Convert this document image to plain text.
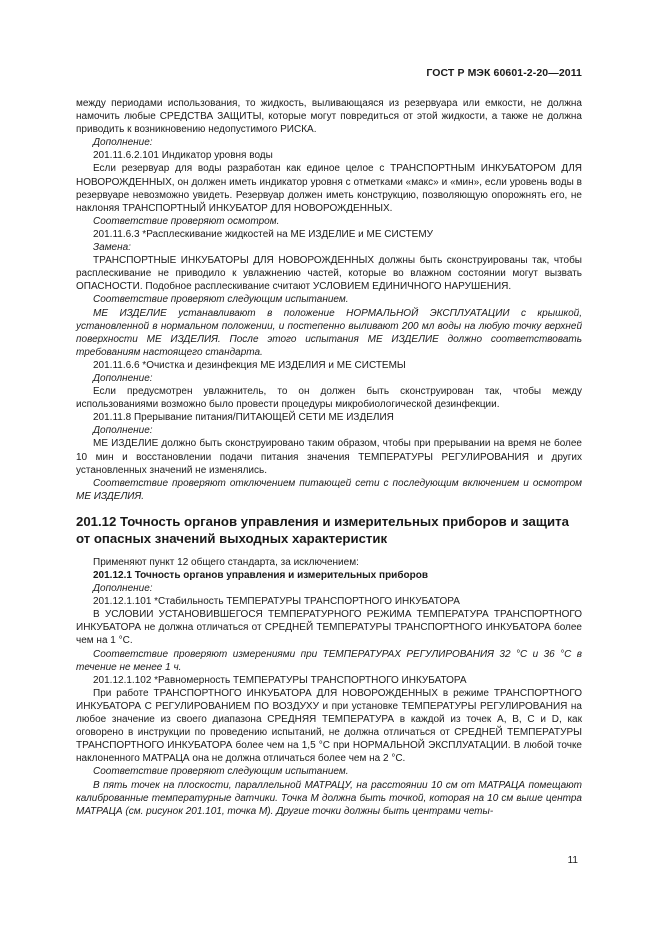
ГОСТ Р МЭК 60601-2-20—2011

между периодами использования, то жидкость, выливающаяся из резервуара или емкости, не должна намочить любые СРЕДСТВА ЗАЩИТЫ, которые могут повредиться от этой жидкости, а также не должна приводить к возникновению недопустимого РИСКА.

Дополнение:

201.11.6.2.101 Индикатор уровня воды

Если резервуар для воды разработан как единое целое с ТРАНСПОРТНЫМ ИНКУБАТОРОМ ДЛЯ НОВОРОЖДЕННЫХ, он должен иметь индикатор уровня с отметками «макс» и «мин», если уровень воды в резервуаре невозможно увидеть. Резервуар должен иметь конструкцию, позволяющую опорожнять его, не наклоняя ТРАНСПОРТНЫЙ ИНКУБАТОР ДЛЯ НОВОРОЖДЕННЫХ.

Соответствие проверяют осмотром.

201.11.6.3 *Расплескивание жидкостей на МЕ ИЗДЕЛИЕ и МЕ СИСТЕМУ

Замена:

ТРАНСПОРТНЫЕ ИНКУБАТОРЫ ДЛЯ НОВОРОЖДЕННЫХ должны быть сконструированы так, чтобы расплескивание не приводило к увлажнению частей, которые во влажном состоянии могут вызвать ОПАСНОСТИ. Подобное расплескивание считают УСЛОВИЕМ ЕДИНИЧНОГО НАРУШЕНИЯ.

Соответствие проверяют следующим испытанием.

МЕ ИЗДЕЛИЕ устанавливают в положение НОРМАЛЬНОЙ ЭКСПЛУАТАЦИИ с крышкой, установленной в нормальном положении, и постепенно выливают 200 мл воды на любую точку верхней поверхности МЕ ИЗДЕЛИЯ. После этого испытания МЕ ИЗДЕЛИЕ должно соответствовать требованиям настоящего стандарта.

201.11.6.6 *Очистка и дезинфекция МЕ ИЗДЕЛИЯ и МЕ СИСТЕМЫ

Дополнение:

Если предусмотрен увлажнитель, то он должен быть сконструирован так, чтобы между использованиями возможно было провести процедуры микробиологической дезинфекции.

201.11.8 Прерывание питания/ПИТАЮЩЕЙ СЕТИ МЕ ИЗДЕЛИЯ

Дополнение:

МЕ ИЗДЕЛИЕ должно быть сконструировано таким образом, чтобы при прерывании на время не более 10 мин и восстановлении подачи питания значения ТЕМПЕРАТУРЫ РЕГУЛИРОВАНИЯ и других установленных значений не изменялись.

Соответствие проверяют отключением питающей сети с последующим включением и осмотром МЕ ИЗДЕЛИЯ.

201.12 Точность органов управления и измерительных приборов и защита от опасных значений выходных характеристик

Применяют пункт 12 общего стандарта, за исключением:

201.12.1 Точность органов управления и измерительных приборов

Дополнение:

201.12.1.101 *Стабильность ТЕМПЕРАТУРЫ ТРАНСПОРТНОГО ИНКУБАТОРА

В УСЛОВИИ УСТАНОВИВШЕГОСЯ ТЕМПЕРАТУРНОГО РЕЖИМА ТЕМПЕРАТУРА ТРАНСПОРТНОГО ИНКУБАТОРА не должна отличаться от СРЕДНЕЙ ТЕМПЕРАТУРЫ ТРАНСПОРТНОГО ИНКУБАТОРА более чем на 1 °С.

Соответствие проверяют измерениями при ТЕМПЕРАТУРАХ РЕГУЛИРОВАНИЯ 32 °С и 36 °С в течение не менее 1 ч.

201.12.1.102 *Равномерность ТЕМПЕРАТУРЫ ТРАНСПОРТНОГО ИНКУБАТОРА

При работе ТРАНСПОРТНОГО ИНКУБАТОРА ДЛЯ НОВОРОЖДЕННЫХ в режиме ТРАНСПОРТНОГО ИНКУБАТОРА С РЕГУЛИРОВАНИЕМ ПО ВОЗДУХУ и при установке ТЕМПЕРАТУРЫ РЕГУЛИРОВАНИЯ на любое значение из своего диапазона СРЕДНЯЯ ТЕМПЕРАТУРА в каждой из точек А, В, С и D, как оговорено в инструкции по проведению испытаний, не должна отличаться от СРЕДНЕЙ ТЕМПЕРАТУРЫ ТРАНСПОРТНОГО ИНКУБАТОРА более чем на 1,5 °С при НОРМАЛЬНОЙ ЭКСПЛУАТАЦИИ. В любой точке наклоненного МАТРАЦА она не должна отличаться более чем на 2 °С.

Соответствие проверяют следующим испытанием.

В пять точек на плоскости, параллельной МАТРАЦУ, на расстоянии 10 см от МАТРАЦА помещают калиброванные температурные датчики. Точка М должна быть точкой, которая на 10 см выше центра МАТРАЦА (см. рисунок 201.101, точка М). Другие точки должны быть центрами четы-

11
